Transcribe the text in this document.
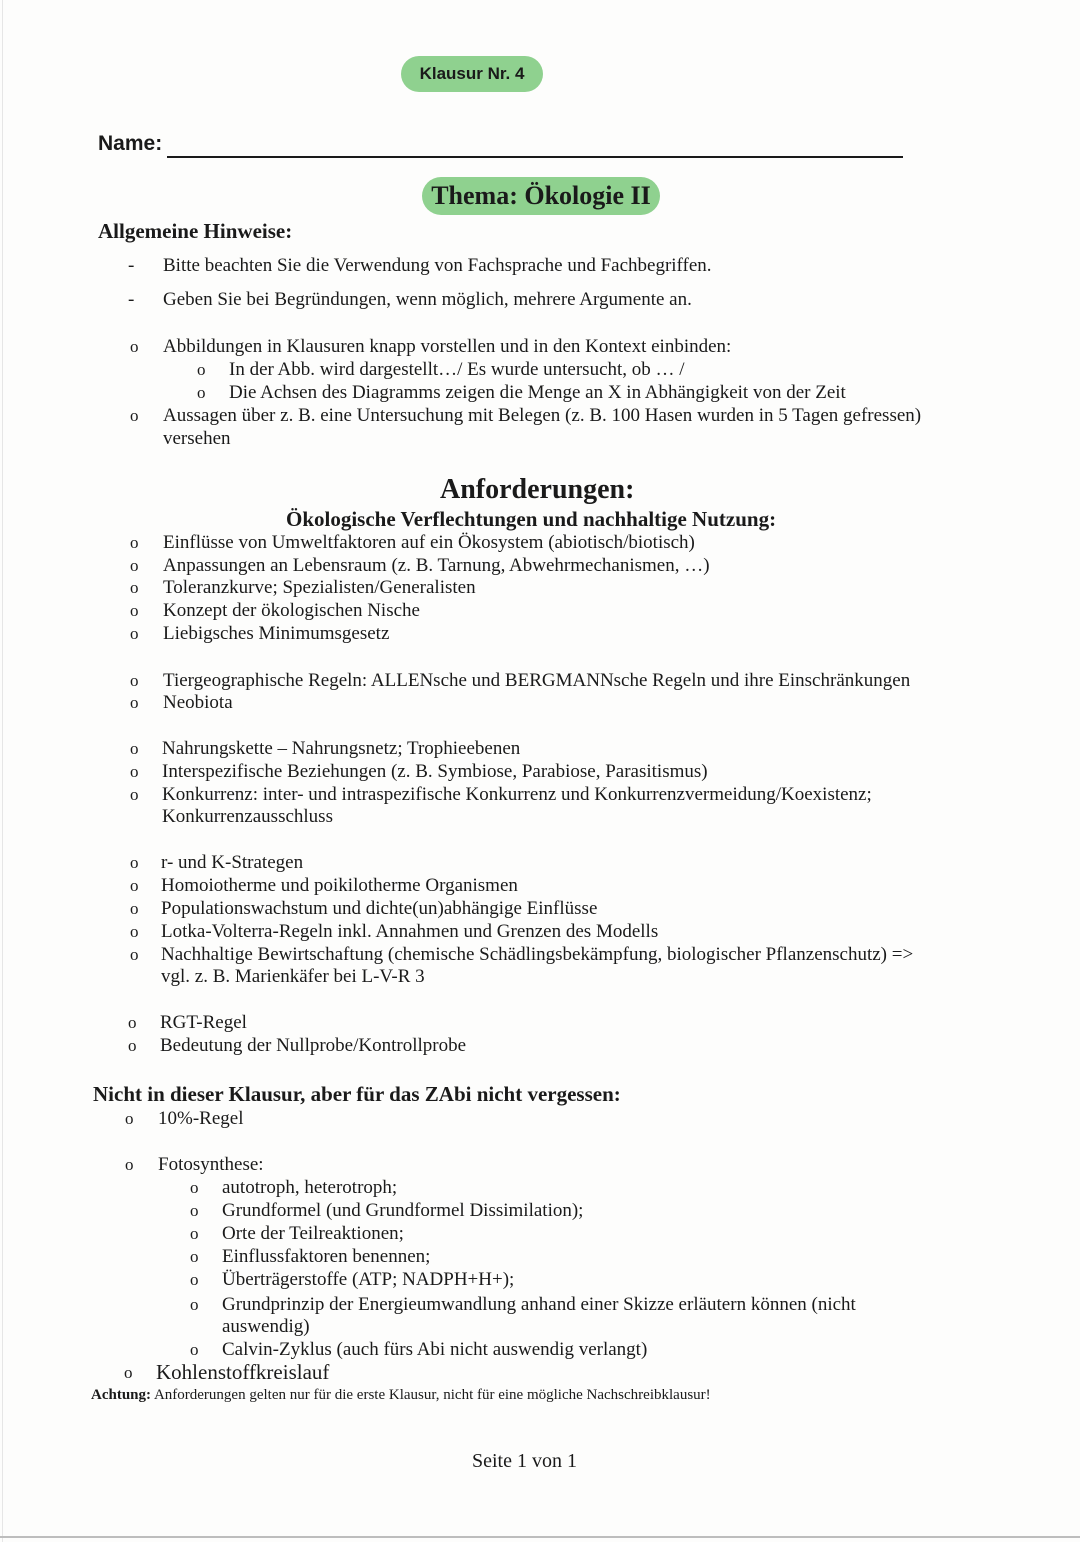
Klausur Nr. 4
Name:
Thema: Ökologie II
Allgemeine Hinweise:
- Bitte beachten Sie die Verwendung von Fachsprache und Fachbegriffen.
- Geben Sie bei Begründungen, wenn möglich, mehrere Argumente an.
o Abbildungen in Klausuren knapp vorstellen und in den Kontext einbinden:
o In der Abb. wird dargestellt…/ Es wurde untersucht, ob … /
o Die Achsen des Diagramms zeigen die Menge an X in Abhängigkeit von der Zeit
o Aussagen über z. B. eine Untersuchung mit Belegen (z. B. 100 Hasen wurden in 5 Tagen gefressen)
versehen
Anforderungen:
Ökologische Verflechtungen und nachhaltige Nutzung:
o Einflüsse von Umweltfaktoren auf ein Ökosystem (abiotisch/biotisch)
o Anpassungen an Lebensraum (z. B. Tarnung, Abwehrmechanismen, …)
o Toleranzkurve; Spezialisten/Generalisten
o Konzept der ökologischen Nische
o Liebigsches Minimumsgesetz
o Tiergeographische Regeln: ALLENsche und BERGMANNsche Regeln und ihre Einschränkungen
o Neobiota
o Nahrungskette – Nahrungsnetz; Trophieebenen
o Interspezifische Beziehungen (z. B. Symbiose, Parabiose, Parasitismus)
o Konkurrenz: inter- und intraspezifische Konkurrenz und Konkurrenzvermeidung/Koexistenz;
Konkurrenzausschluss
o r- und K-Strategen
o Homoiotherme und poikilotherme Organismen
o Populationswachstum und dichte(un)abhängige Einflüsse
o Lotka-Volterra-Regeln inkl. Annahmen und Grenzen des Modells
o Nachhaltige Bewirtschaftung (chemische Schädlingsbekämpfung, biologischer Pflanzenschutz) =>
vgl. z. B. Marienkäfer bei L-V-R 3
o RGT-Regel
o Bedeutung der Nullprobe/Kontrollprobe
Nicht in dieser Klausur, aber für das ZAbi nicht vergessen:
o 10%-Regel
o Fotosynthese:
o autotroph, heterotroph;
o Grundformel (und Grundformel Dissimilation);
o Orte der Teilreaktionen;
o Einflussfaktoren benennen;
o Überträgerstoffe (ATP; NADPH+H+);
o Grundprinzip der Energieumwandlung anhand einer Skizze erläutern können (nicht
auswendig)
o Calvin-Zyklus (auch fürs Abi nicht auswendig verlangt)
o Kohlenstoffkreislauf
Achtung: Anforderungen gelten nur für die erste Klausur, nicht für eine mögliche Nachschreibklausur!
Seite 1 von 1
